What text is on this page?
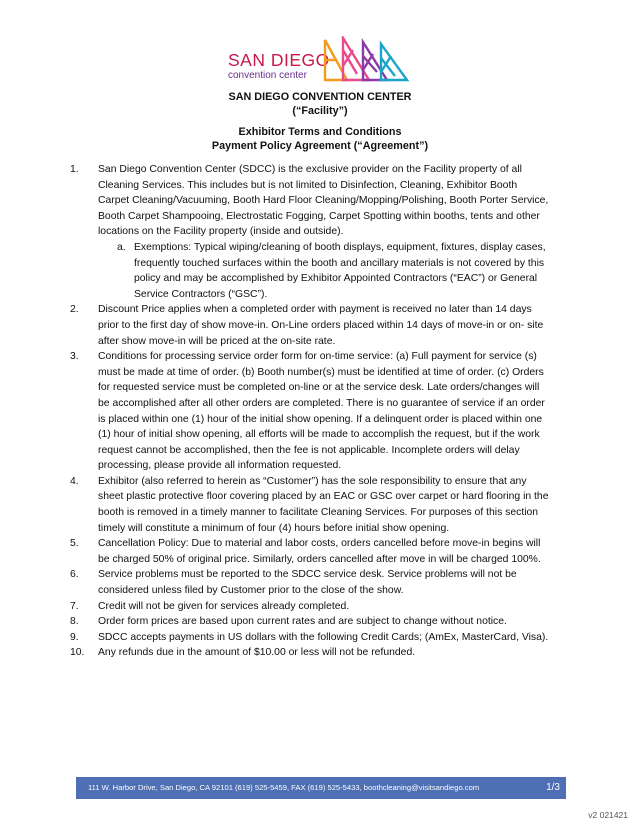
SAN DIEGO
convention center
SAN DIEGO CONVENTION CENTER
(“Facility”)
Exhibitor Terms and Conditions
Payment Policy Agreement (“Agreement”)
1.	San Diego Convention Center (SDCC) is the exclusive provider on the Facility property of all Cleaning Services. This includes but is not limited to Disinfection, Cleaning, Exhibitor Booth Carpet Cleaning/Vacuuming, Booth Hard Floor Cleaning/Mopping/Polishing, Booth Porter Service, Booth Carpet Shampooing, Electrostatic Fogging, Carpet Spotting within booths, tents and other locations on the Facility property (inside and outside).
a. Exemptions: Typical wiping/cleaning of booth displays, equipment, fixtures, display cases, frequently touched surfaces within the booth and ancillary materials is not covered by this policy and may be accomplished by Exhibitor Appointed Contractors (“EAC”) or General Service Contractors (“GSC”).
2.	Discount Price applies when a completed order with payment is received no later than 14 days prior to the first day of show move-in. On-Line orders placed within 14 days of move-in or on- site after show move-in will be priced at the on-site rate.
3.	Conditions for processing service order form for on-time service: (a) Full payment for service (s) must be made at time of order. (b) Booth number(s) must be identified at time of order. (c) Orders for requested service must be completed on-line or at the service desk. Late orders/changes will be accomplished after all other orders are completed. There is no guarantee of service if an order is placed within one (1) hour of the initial show opening. If a delinquent order is placed within one (1) hour of initial show opening, all efforts will be made to accomplish the request, but if the work request cannot be accomplished, then the fee is not applicable. Incomplete orders will delay processing, please provide all information requested.
4.	Exhibitor (also referred to herein as “Customer”) has the sole responsibility to ensure that any sheet plastic protective floor covering placed by an EAC or GSC over carpet or hard flooring in the booth is removed in a timely manner to facilitate Cleaning Services. For purposes of this section timely will constitute a minimum of four (4) hours before initial show opening.
5.	Cancellation Policy: Due to material and labor costs, orders cancelled before move-in begins will be charged 50% of original price. Similarly, orders cancelled after move in will be charged 100%.
6.	Service problems must be reported to the SDCC service desk. Service problems will not be considered unless filed by Customer prior to the close of the show.
7.	Credit will not be given for services already completed.
8.	Order form prices are based upon current rates and are subject to change without notice.
9.	SDCC accepts payments in US dollars with the following Credit Cards; (AmEx, MasterCard, Visa).
10.	Any refunds due in the amount of $10.00 or less will not be refunded.
111 W. Harbor Drive, San Diego, CA 92101 (619) 525-5459, FAX (619) 525-5433, boothcleaning@visitsandiego.com	1/3
v2 021421
